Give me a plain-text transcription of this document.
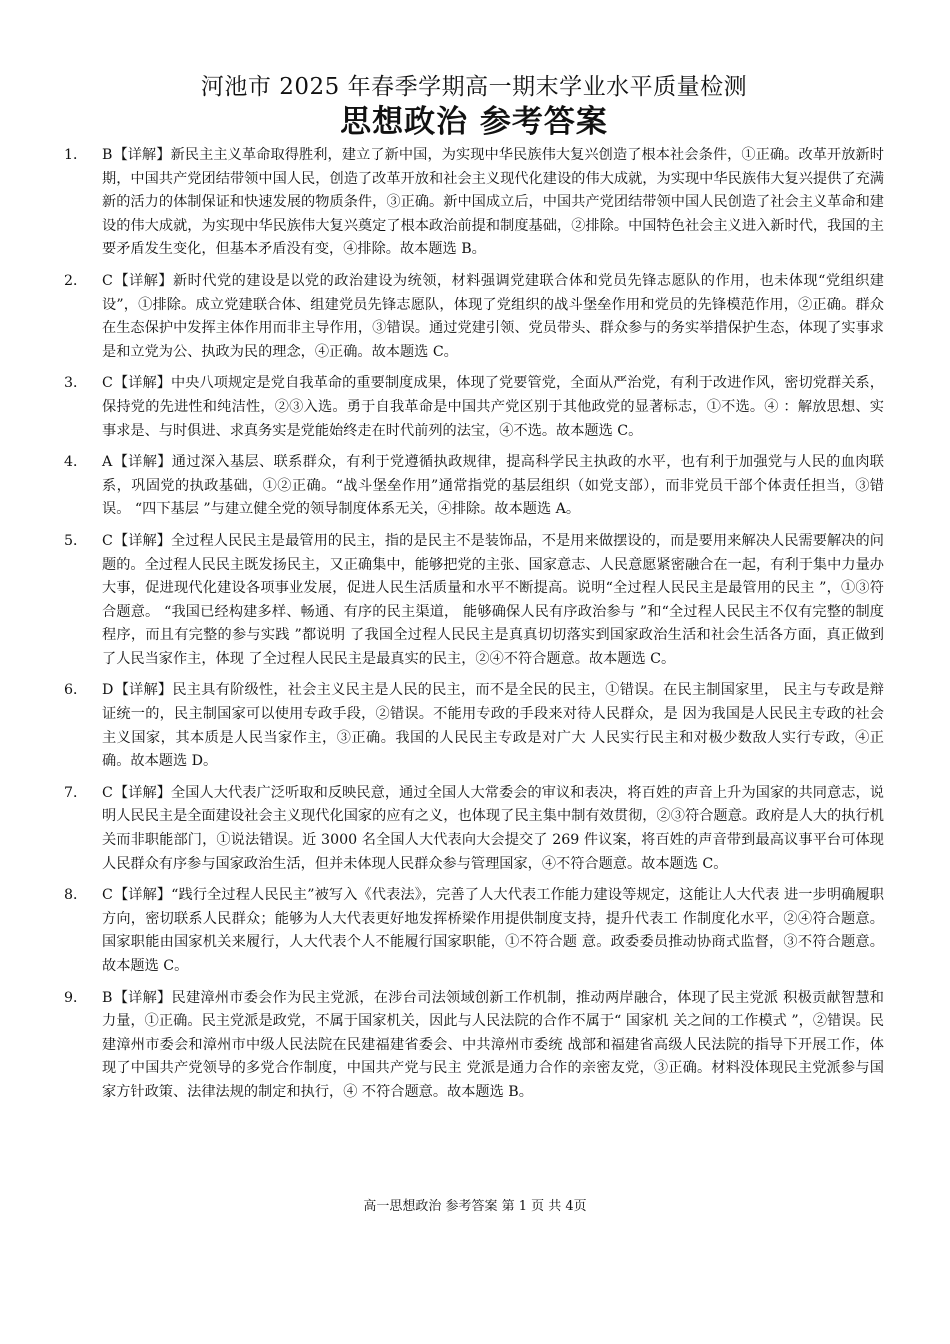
河池市 2025 年春季学期高一期末学业水平质量检测
思想政治 参考答案
1．	B【详解】新民主主义革命取得胜利，建立了新中国，为实现中华民族伟大复兴创造了根本社会条件，①正确。改革开放新时期，中国共产党团结带领中国人民，创造了改革开放和社会主义现代化建设的伟大成就，为实现中华民族伟大复兴提供了充满新的活力的体制保证和快速发展的物质条件，③正确。新中国成立后，中国共产党团结带领中国人民创造了社会主义革命和建设的伟大成就，为实现中华民族伟大复兴奠定了根本政治前提和制度基础，②排除。中国特色社会主义进入新时代，我国的主要矛盾发生变化，但基本矛盾没有变，④排除。故本题选 B。
2．	C【详解】新时代党的建设是以党的政治建设为统领，材料强调党建联合体和党员先锋志愿队的作用，也未体现“党组织建设”，①排除。成立党建联合体、组建党员先锋志愿队，体现了党组织的战斗堡垒作用和党员的先锋模范作用，②正确。群众在生态保护中发挥主体作用而非主导作用，③错误。通过党建引领、党员带头、群众参与的务实举措保护生态，体现了实事求是和立党为公、执政为民的理念，④正确。故本题选 C。
3．	C【详解】中央八项规定是党自我革命的重要制度成果，体现了党要管党，全面从严治党，有利于改进作风，密切党群关系，保持党的先进性和纯洁性，②③入选。勇于自我革命是中国共产党区别于其他政党的显著标志，①不选。④ ：解放思想、实事求是、与时俱进、求真务实是党能始终走在时代前列的法宝，④不选。故本题选 C。
4．	A【详解】通过深入基层、联系群众，有利于党遵循执政规律，提高科学民主执政的水平，也有利于加强党与人民的血肉联系，巩固党的执政基础，①②正确。“战斗堡垒作用”通常指党的基层组织（如党支部），而非党员干部个体责任担当，③错误。 “四下基层 ”与建立健全党的领导制度体系无关，④排除。故本题选 A。
5．	C【详解】全过程人民民主是最管用的民主，指的是民主不是装饰品，不是用来做摆设的，而是要用来解决人民需要解决的问题的。全过程人民民主既发扬民主，又正确集中，能够把党的主张、国家意志、人民意愿紧密融合在一起，有利于集中力量办大事，促进现代化建设各项事业发展，促进人民生活质量和水平不断提高。说明“全过程人民民主是最管用的民主 ”，①③符合题意。 “我国已经构建多样、畅通、有序的民主渠道， 能够确保人民有序政治参与 ”和“全过程人民民主不仅有完整的制度程序，而且有完整的参与实践 ”都说明 了我国全过程人民民主是真真切切落实到国家政治生活和社会生活各方面，真正做到了人民当家作主，体现 了全过程人民民主是最真实的民主，②④不符合题意。故本题选 C。
6．	D【详解】民主具有阶级性，社会主义民主是人民的民主，而不是全民的民主，①错误。在民主制国家里， 民主与专政是辩证统一的，民主制国家可以使用专政手段，②错误。不能用专政的手段来对待人民群众，是 因为我国是人民民主专政的社会主义国家，其本质是人民当家作主，③正确。我国的人民民主专政是对广大 人民实行民主和对极少数敌人实行专政，④正确。故本题选 D。
7．	C【详解】全国人大代表广泛听取和反映民意，通过全国人大常委会的审议和表决，将百姓的声音上升为国家的共同意志，说明人民民主是全面建设社会主义现代化国家的应有之义，也体现了民主集中制有效贯彻，②③符合题意。政府是人大的执行机关而非职能部门，①说法错误。近 3000 名全国人大代表向大会提交了 269 件议案，将百姓的声音带到最高议事平台可体现人民群众有序参与国家政治生活，但并未体现人民群众参与管理国家，④不符合题意。故本题选 C。
8．	C【详解】“践行全过程人民民主”被写入《代表法》，完善了人大代表工作能力建设等规定，这能让人大代表 进一步明确履职方向，密切联系人民群众；能够为人大代表更好地发挥桥梁作用提供制度支持，提升代表工 作制度化水平，②④符合题意。国家职能由国家机关来履行，人大代表个人不能履行国家职能，①不符合题 意。政委委员推动协商式监督，③不符合题意。故本题选 C。
9．	B【详解】民建漳州市委会作为民主党派，在涉台司法领域创新工作机制，推动两岸融合，体现了民主党派 积极贡献智慧和力量，①正确。民主党派是政党，不属于国家机关，因此与人民法院的合作不属于“ 国家机 关之间的工作模式 ”，②错误。民建漳州市委会和漳州市中级人民法院在民建福建省委会、中共漳州市委统 战部和福建省高级人民法院的指导下开展工作，体现了中国共产党领导的多党合作制度，中国共产党与民主 党派是通力合作的亲密友党，③正确。材料没体现民主党派参与国家方针政策、法律法规的制定和执行，④ 不符合题意。故本题选 B。
高一思想政治 参考答案 第 1 页 共 4页
